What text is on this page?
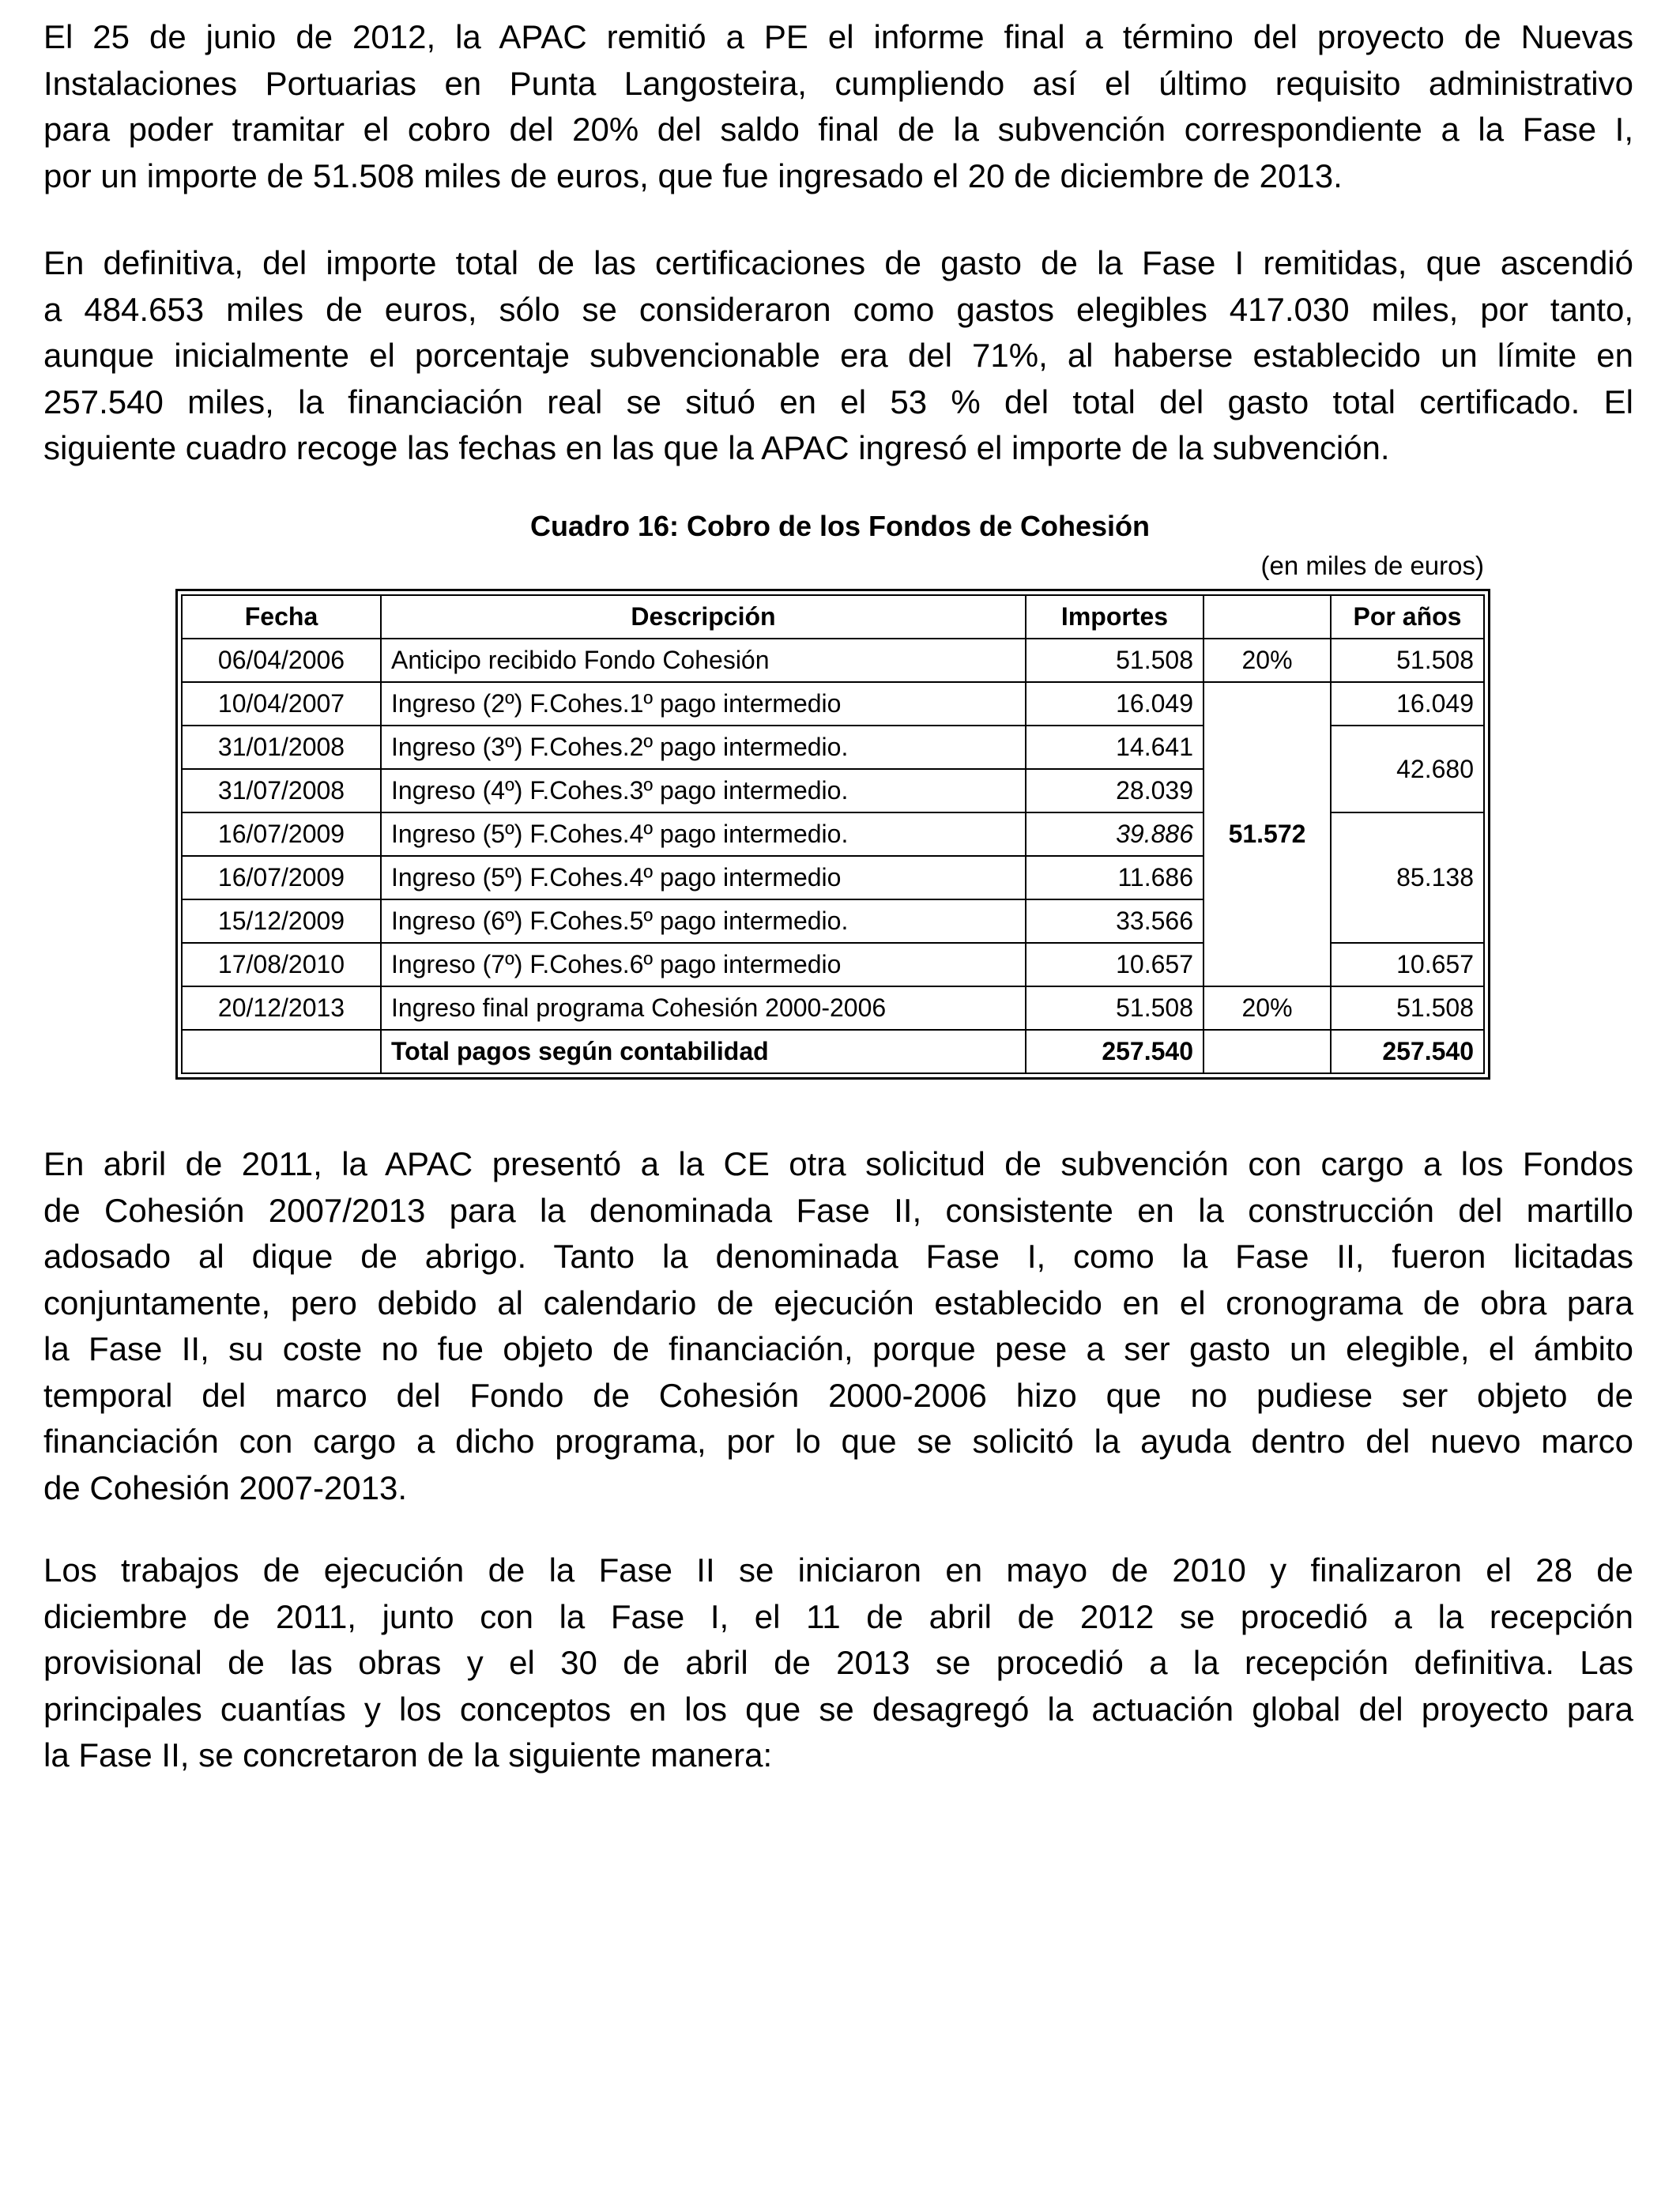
El 25 de junio de 2012, la APAC remitió a PE el informe final a término del proyecto de Nuevas
Instalaciones Portuarias en Punta Langosteira, cumpliendo así el último requisito administrativo
para poder tramitar el cobro del 20% del saldo final de la subvención correspondiente a la Fase I,
por un importe de 51.508 miles de euros, que fue ingresado el 20 de diciembre de 2013.
En definitiva, del importe total de las certificaciones de gasto de la Fase I remitidas, que ascendió
a 484.653 miles de euros, sólo se consideraron como gastos elegibles 417.030 miles, por tanto,
aunque inicialmente el porcentaje subvencionable era del 71%, al haberse establecido un límite en
257.540 miles, la financiación real se situó en el 53 % del total del gasto total certificado. El
siguiente cuadro recoge las fechas en las que la APAC ingresó el importe de la subvención.
Cuadro 16: Cobro de los Fondos de Cohesión
(en miles de euros)
Fecha	Descripción	Importes		Por años
06/04/2006	Anticipo recibido Fondo Cohesión	51.508	20%	51.508
10/04/2007	Ingreso (2º) F.Cohes.1º pago intermedio	16.049	51.572	16.049
31/01/2008	Ingreso (3º) F.Cohes.2º pago intermedio.	14.641		42.680
31/07/2008	Ingreso (4º) F.Cohes.3º pago intermedio.	28.039		
16/07/2009	Ingreso (5º) F.Cohes.4º pago intermedio.	39.886		85.138
16/07/2009	Ingreso (5º) F.Cohes.4º pago intermedio	11.686		
15/12/2009	Ingreso (6º) F.Cohes.5º pago intermedio.	33.566		
17/08/2010	Ingreso (7º) F.Cohes.6º pago intermedio	10.657		10.657
20/12/2013	Ingreso final programa Cohesión 2000-2006	51.508	20%	51.508
	Total pagos según contabilidad	257.540		257.540
En abril de 2011, la APAC presentó a la CE otra solicitud de subvención con cargo a los Fondos
de Cohesión 2007/2013 para la denominada Fase II, consistente en la construcción del martillo
adosado al dique de abrigo. Tanto la denominada Fase I, como la Fase II, fueron licitadas
conjuntamente, pero debido al calendario de ejecución establecido en el cronograma de obra para
la Fase II, su coste no fue objeto de financiación, porque pese a ser gasto un elegible, el ámbito
temporal del marco del Fondo de Cohesión 2000-2006 hizo que no pudiese ser objeto de
financiación con cargo a dicho programa, por lo que se solicitó la ayuda dentro del nuevo marco
de Cohesión 2007-2013.
Los trabajos de ejecución de la Fase II se iniciaron en mayo de 2010 y finalizaron el 28 de
diciembre de 2011, junto con la Fase I, el 11 de abril de 2012 se procedió a la recepción
provisional de las obras y el 30 de abril de 2013 se procedió a la recepción definitiva. Las
principales cuantías y los conceptos en los que se desagregó la actuación global del proyecto para
la Fase II, se concretaron de la siguiente manera:
